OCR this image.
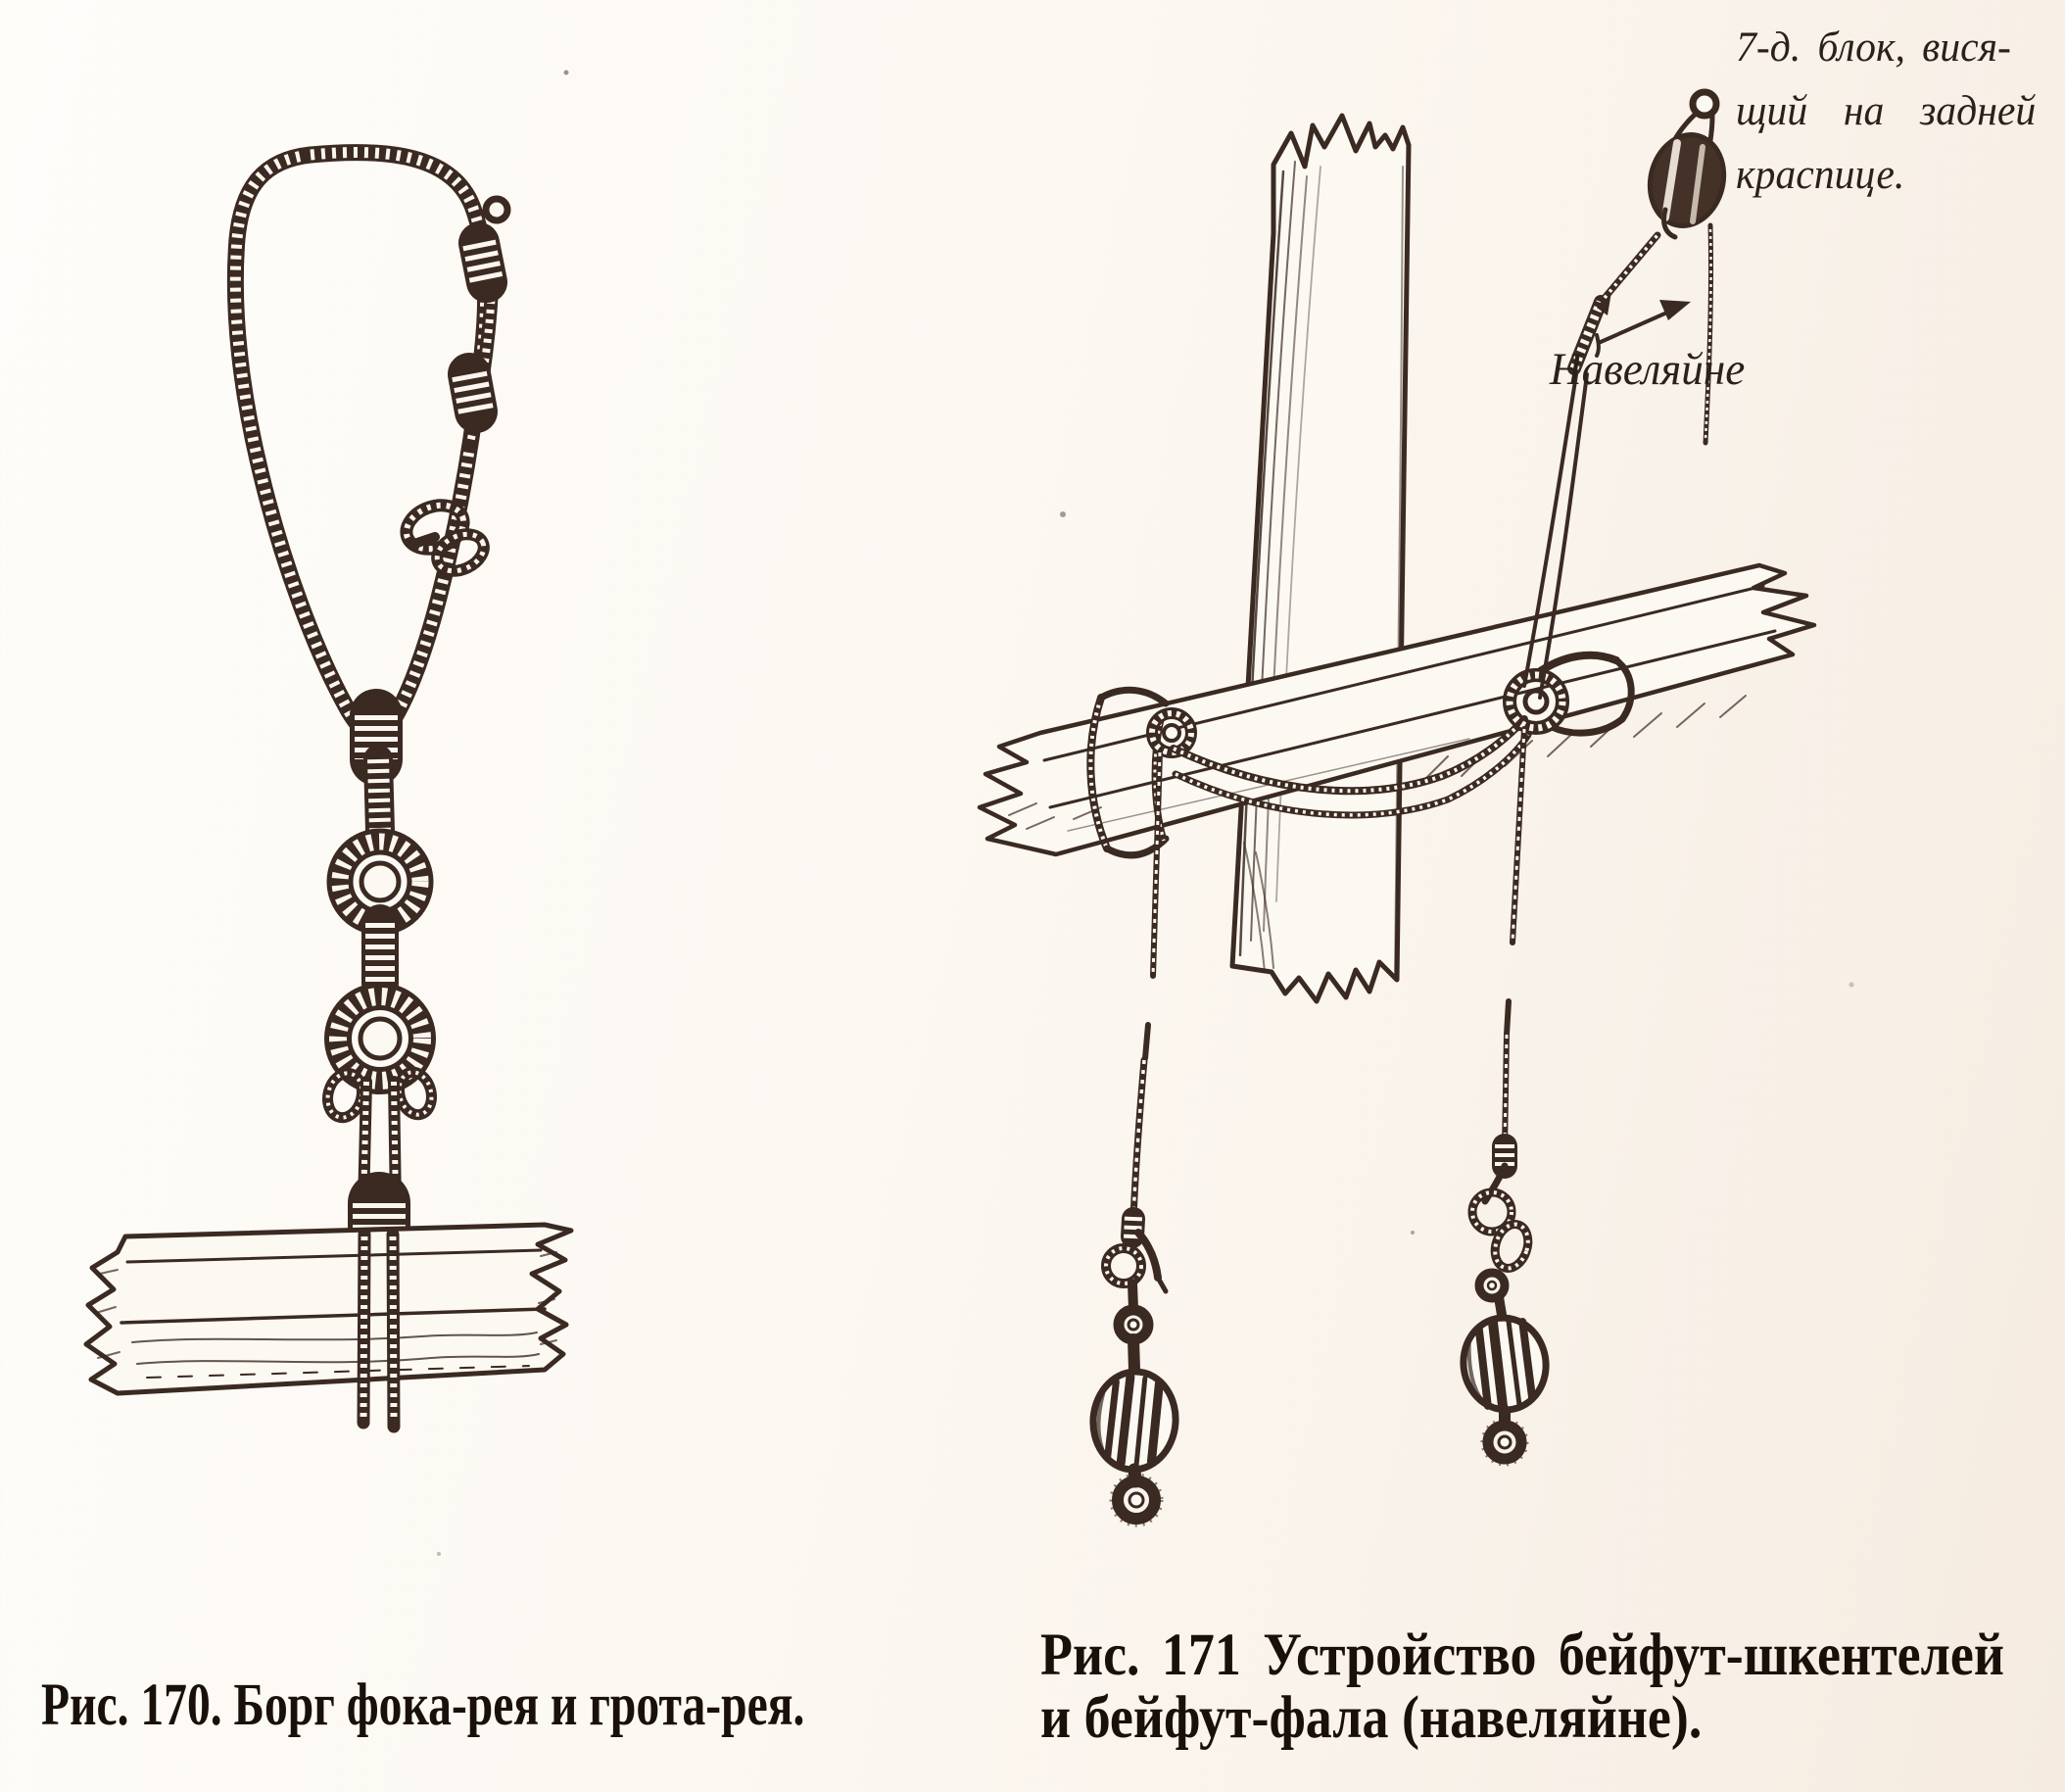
7-д. блок, вися-
щий на задней
краспице.
Навеляйне
Рис. 170. Борг фока-рея и грота-рея.
Рис. 171 Устройство бейфут-шкентелей
и бейфут-фала (навеляйне).
